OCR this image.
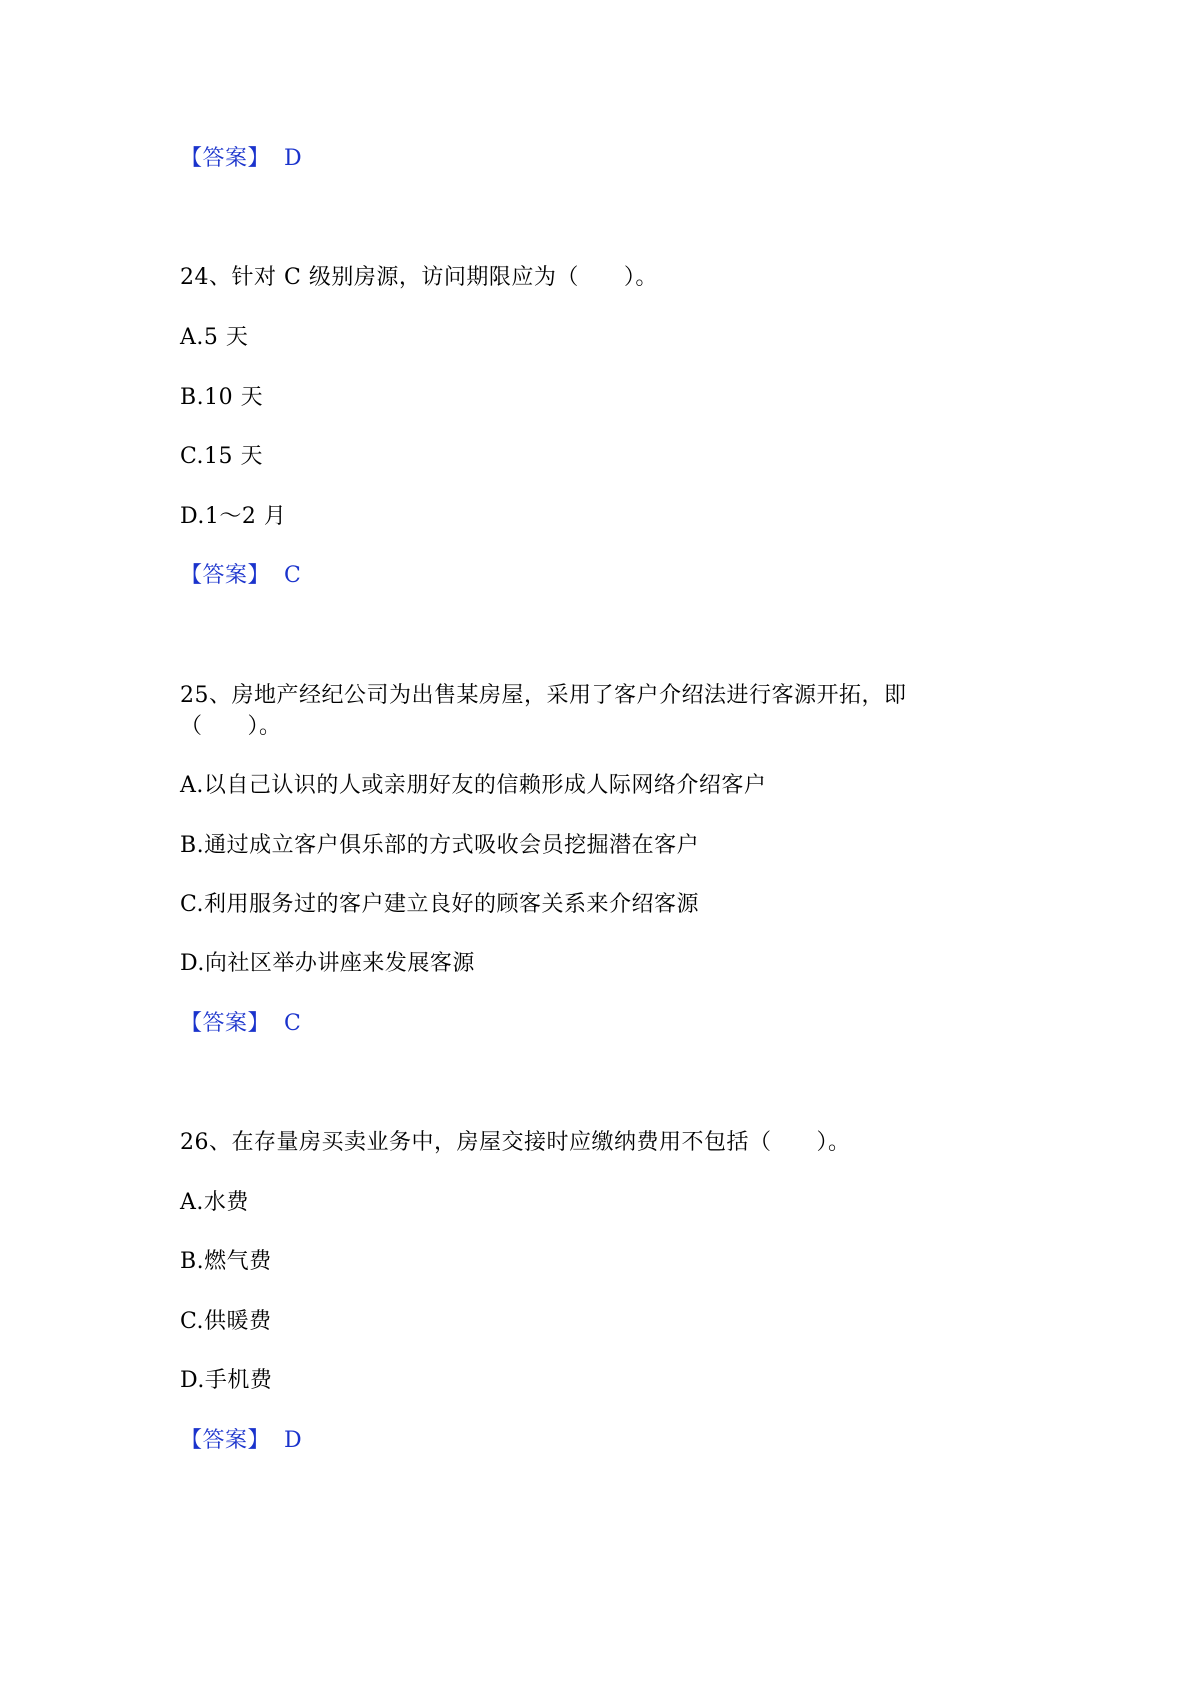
【答案】 D
24、针对 C 级别房源，访问期限应为（　　）。
A.5 天
B.10 天
C.15 天
D.1～2 月
【答案】 C
25、房地产经纪公司为出售某房屋，采用了客户介绍法进行客源开拓，即
（　　）。
A.以自己认识的人或亲朋好友的信赖形成人际网络介绍客户
B.通过成立客户俱乐部的方式吸收会员挖掘潜在客户
C.利用服务过的客户建立良好的顾客关系来介绍客源
D.向社区举办讲座来发展客源
【答案】 C
26、在存量房买卖业务中，房屋交接时应缴纳费用不包括（　　）。
A.水费
B.燃气费
C.供暖费
D.手机费
【答案】 D
